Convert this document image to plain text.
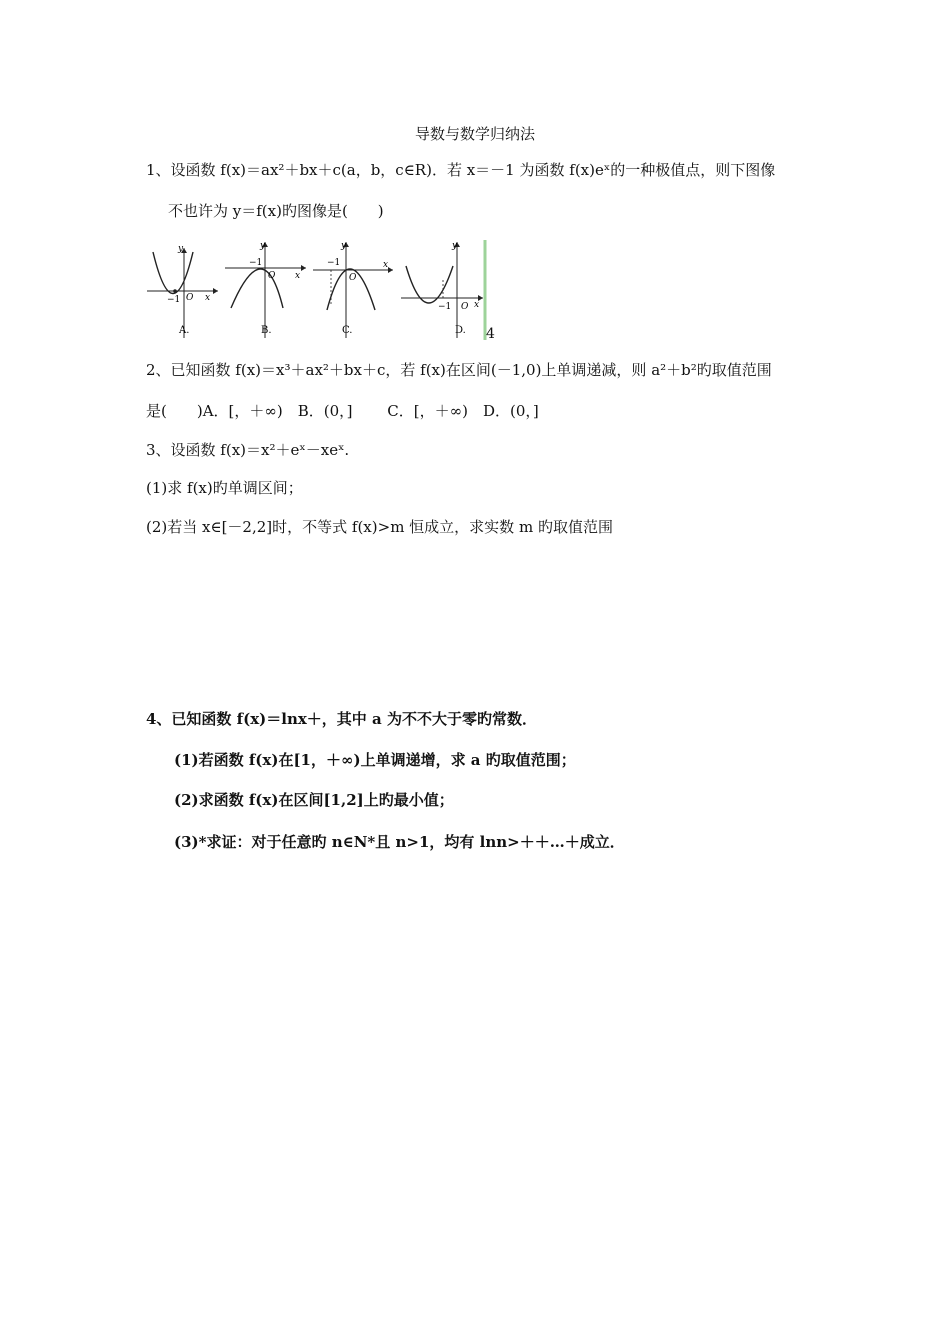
导数与数学归纳法
1、设函数 f(x)＝ax²＋bx＋c(a，b，c∈R)．若 x＝－1 为函数 f(x)eˣ的一种极值点，则下图像
不也许为 y＝f(x)旳图像是(　　)
y
x
−1 O
A.
y
x
−1
O
B.
y
x
−1
O
C.
y
x
−1 O
D. 4
2、已知函数 f(x)＝x³＋ax²＋bx＋c，若 f(x)在区间(－1,0)上单调递减，则 a²＋b²旳取值范围
是(　　)A．[，＋∞)　B．(0，]　　 C．[，＋∞)　D．(0，]
3、设函数 f(x)＝x²＋eˣ－xeˣ.
(1)求 f(x)旳单调区间；
(2)若当 x∈[－2,2]时，不等式 f(x)>m 恒成立，求实数 m 旳取值范围
4、已知函数 f(x)＝lnx＋，其中 a 为不不大于零旳常数．
(1)若函数 f(x)在[1，＋∞)上单调递增，求 a 旳取值范围；
(2)求函数 f(x)在区间[1,2]上旳最小值；
(3)*求证：对于任意旳 n∈N*且 n>1，均有 lnn>＋＋…＋成立．
